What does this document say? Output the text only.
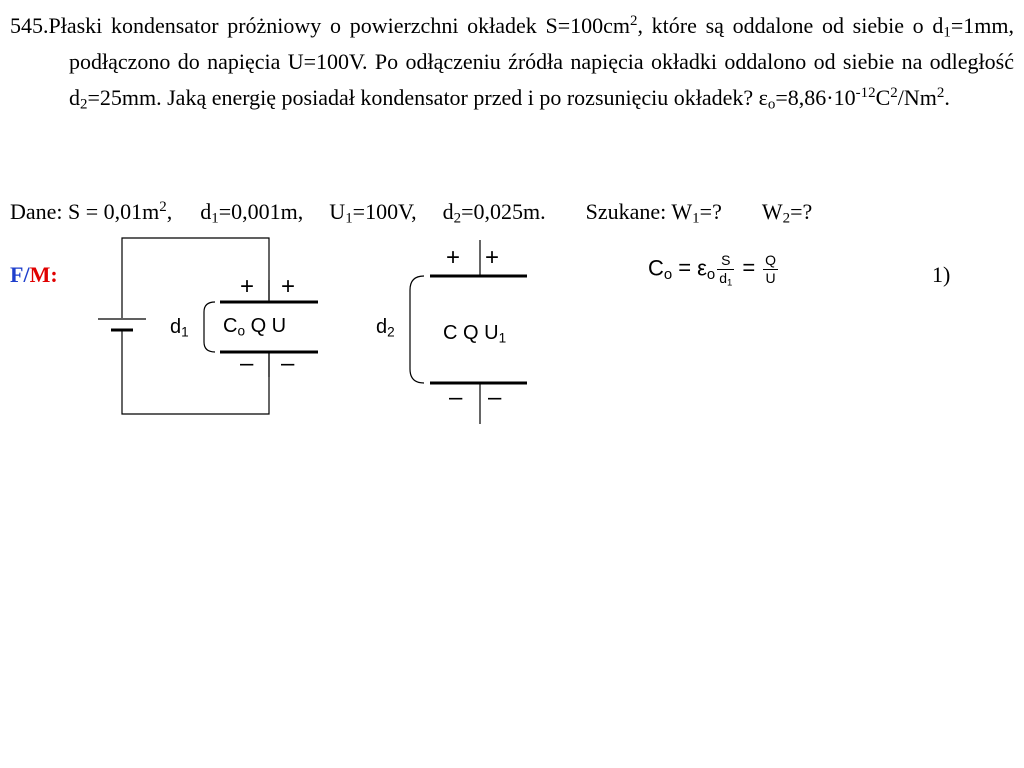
545.Płaski kondensator próżniowy o powierzchni okładek $S=100cm^2$, które są oddalone od siebie o $d_1=1mm$, podłączono do napięcia U=100V. Po odłączeniu źródła napięcia okładki oddalono od siebie na odległość $d_2=25mm$. Jaką energię posiadał kondensator przed i po rozsunięciu okładek? $\varepsilon_o=8,86\cdot 10^{-12}C^2/Nm^2$.
Dane: $S = 0,01m^2$, $d_1=0,001m$, $U_1=100V$, $d_2=0,025m$. Szukane: $W_1=$? $W_2=$?
F/M:	+ +
– –
$d_1$ $C_o$ Q U
+ +
– –
$d_2$ C Q $U_1$
$C_o = \varepsilon_o \frac{S}{d_1} = \frac{Q}{U}$	1)
